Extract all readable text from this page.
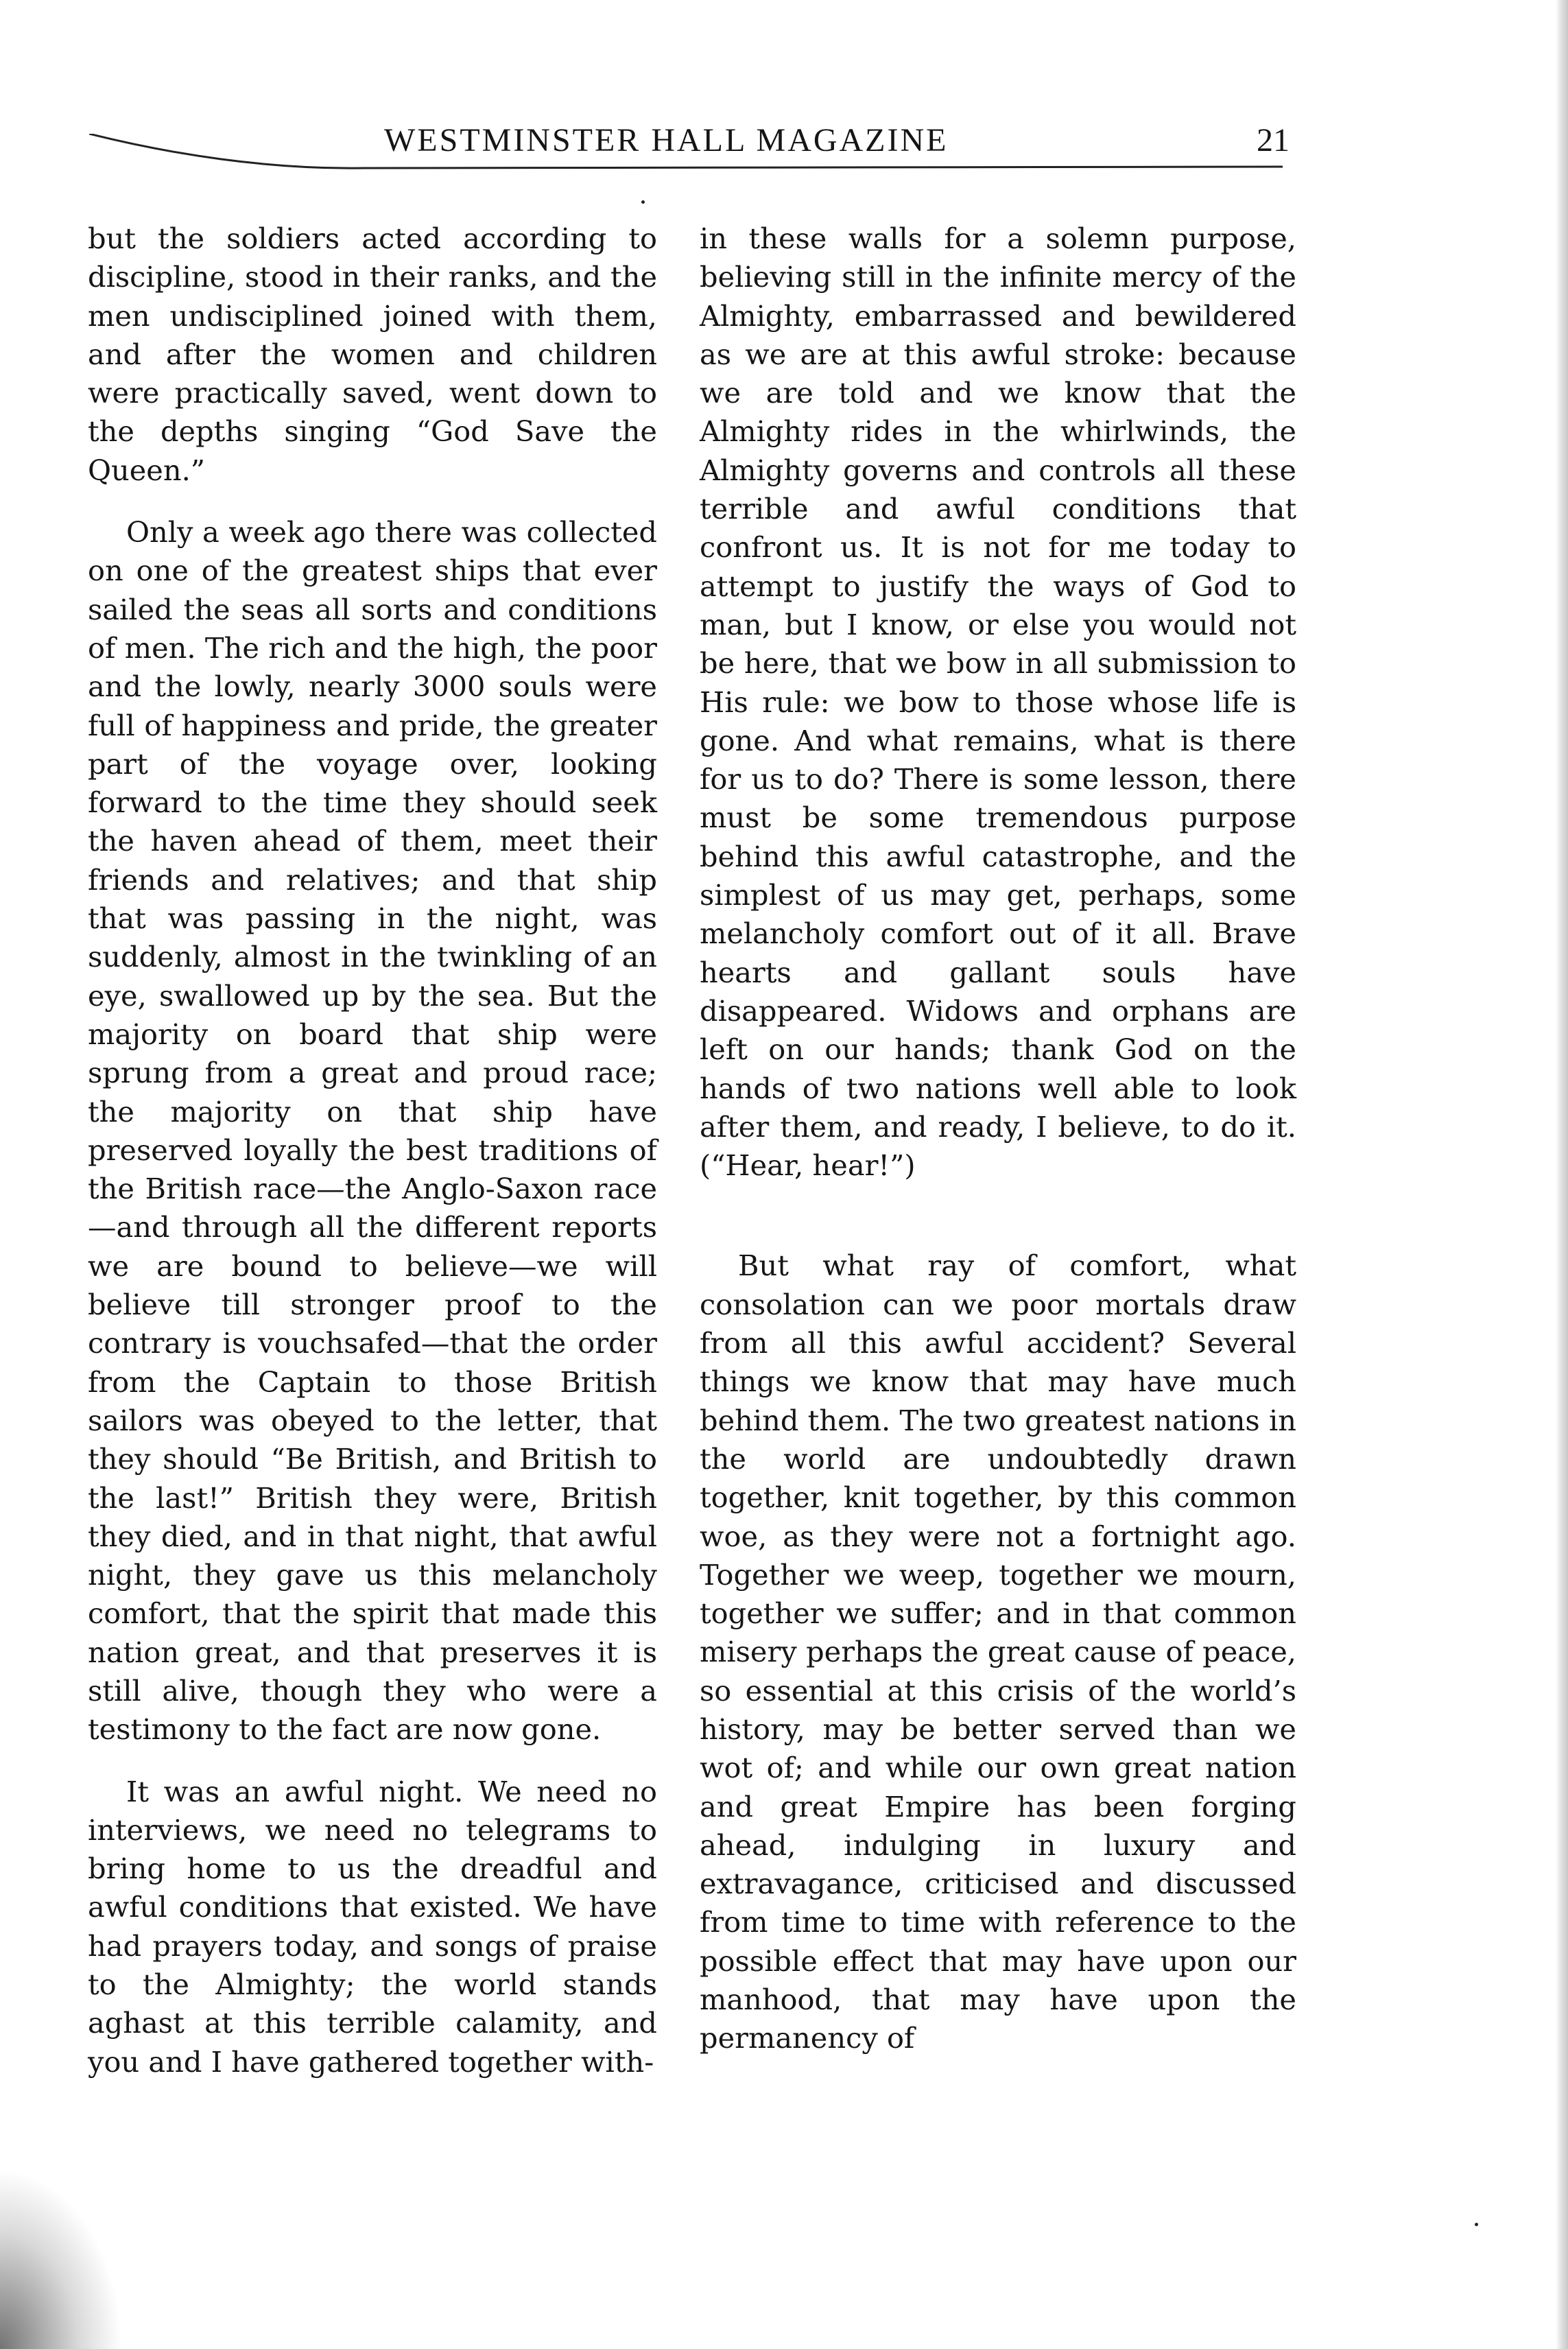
WESTMINSTER HALL MAGAZINE	21

but the soldiers acted according to discipline, stood in their ranks, and the men undisciplined joined with them, and after the women and children were practically saved, went down to the depths singing “God Save the Queen.”

Only a week ago there was collected on one of the greatest ships that ever sailed the seas all sorts and conditions of men. The rich and the high, the poor and the lowly, nearly 3000 souls were full of happiness and pride, the greater part of the voyage over, looking forward to the time they should seek the haven ahead of them, meet their friends and relatives; and that ship that was passing in the night, was suddenly, almost in the twinkling of an eye, swallowed up by the sea. But the majority on board that ship were sprung from a great and proud race; the majority on that ship have preserved loyally the best traditions of the British race—the Anglo-Saxon race —and through all the different reports we are bound to believe—we will believe till stronger proof to the contrary is vouchsafed—that the order from the Captain to those British sailors was obeyed to the letter, that they should “Be British, and British to the last!” British they were, British they died, and in that night, that awful night, they gave us this melancholy comfort, that the spirit that made this nation great, and that preserves it is still alive, though they who were a testimony to the fact are now gone.

It was an awful night. We need no interviews, we need no telegrams to bring home to us the dreadful and awful conditions that existed. We have had prayers today, and songs of praise to the Almighty; the world stands aghast at this terrible calamity, and you and I have gathered together with-

in these walls for a solemn purpose, believing still in the infinite mercy of the Almighty, embarrassed and bewildered as we are at this awful stroke: because we are told and we know that the Almighty rides in the whirlwinds, the Almighty governs and controls all these terrible and awful conditions that confront us. It is not for me today to attempt to justify the ways of God to man, but I know, or else you would not be here, that we bow in all submission to His rule: we bow to those whose life is gone. And what remains, what is there for us to do? There is some lesson, there must be some tremendous purpose behind this awful catastrophe, and the simplest of us may get, perhaps, some melancholy comfort out of it all. Brave hearts and gallant souls have disappeared. Widows and orphans are left on our hands; thank God on the hands of two nations well able to look after them, and ready, I believe, to do it. (“Hear, hear!”)

But what ray of comfort, what consolation can we poor mortals draw from all this awful accident? Several things we know that may have much behind them. The two greatest nations in the world are undoubtedly drawn together, knit together, by this common woe, as they were not a fortnight ago. Together we weep, together we mourn, together we suffer; and in that common misery perhaps the great cause of peace, so essential at this crisis of the world’s history, may be better served than we wot of; and while our own great nation and great Empire has been forging ahead, indulging in luxury and extravagance, criticised and discussed from time to time with reference to the possible effect that may have upon our manhood, that may have upon the permanency of
